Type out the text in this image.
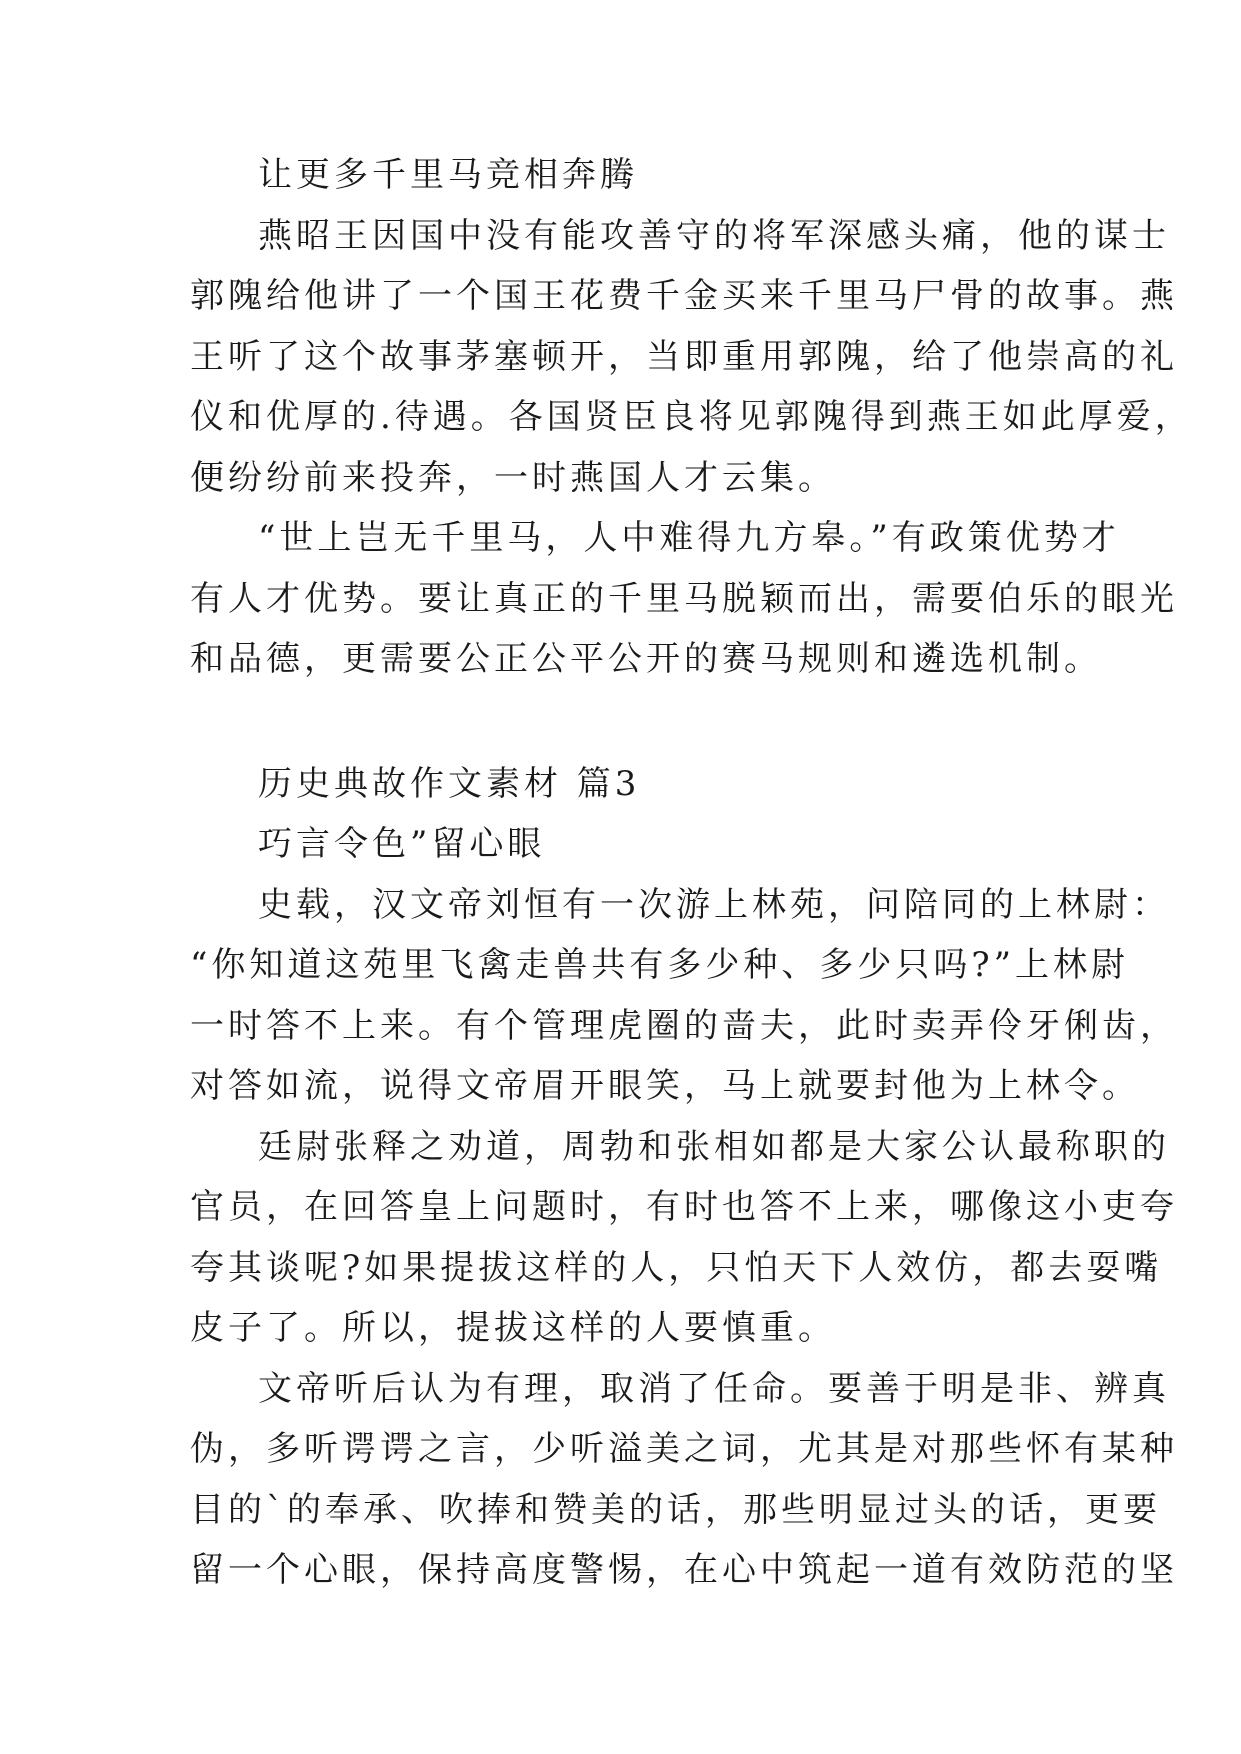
让更多千里马竞相奔腾
燕昭王因国中没有能攻善守的将军深感头痛，他的谋士
郭隗给他讲了一个国王花费千金买来千里马尸骨的故事。燕
王听了这个故事茅塞顿开，当即重用郭隗，给了他崇高的礼
仪和优厚的.待遇。各国贤臣良将见郭隗得到燕王如此厚爱，
便纷纷前来投奔，一时燕国人才云集。
“世上岂无千里马，人中难得九方皋。”有政策优势才
有人才优势。要让真正的千里马脱颖而出，需要伯乐的眼光
和品德，更需要公正公平公开的赛马规则和遴选机制。
历史典故作文素材 篇3
巧言令色”留心眼
史载，汉文帝刘恒有一次游上林苑，问陪同的上林尉：
“你知道这苑里飞禽走兽共有多少种、多少只吗?”上林尉
一时答不上来。有个管理虎圈的啬夫，此时卖弄伶牙俐齿，
对答如流，说得文帝眉开眼笑，马上就要封他为上林令。
廷尉张释之劝道，周勃和张相如都是大家公认最称职的
官员，在回答皇上问题时，有时也答不上来，哪像这小吏夸
夸其谈呢?如果提拔这样的人，只怕天下人效仿，都去耍嘴
皮子了。所以，提拔这样的人要慎重。
文帝听后认为有理，取消了任命。要善于明是非、辨真
伪，多听谔谔之言，少听溢美之词，尤其是对那些怀有某种
目的`的奉承、吹捧和赞美的话，那些明显过头的话，更要
留一个心眼，保持高度警惕，在心中筑起一道有效防范的坚
